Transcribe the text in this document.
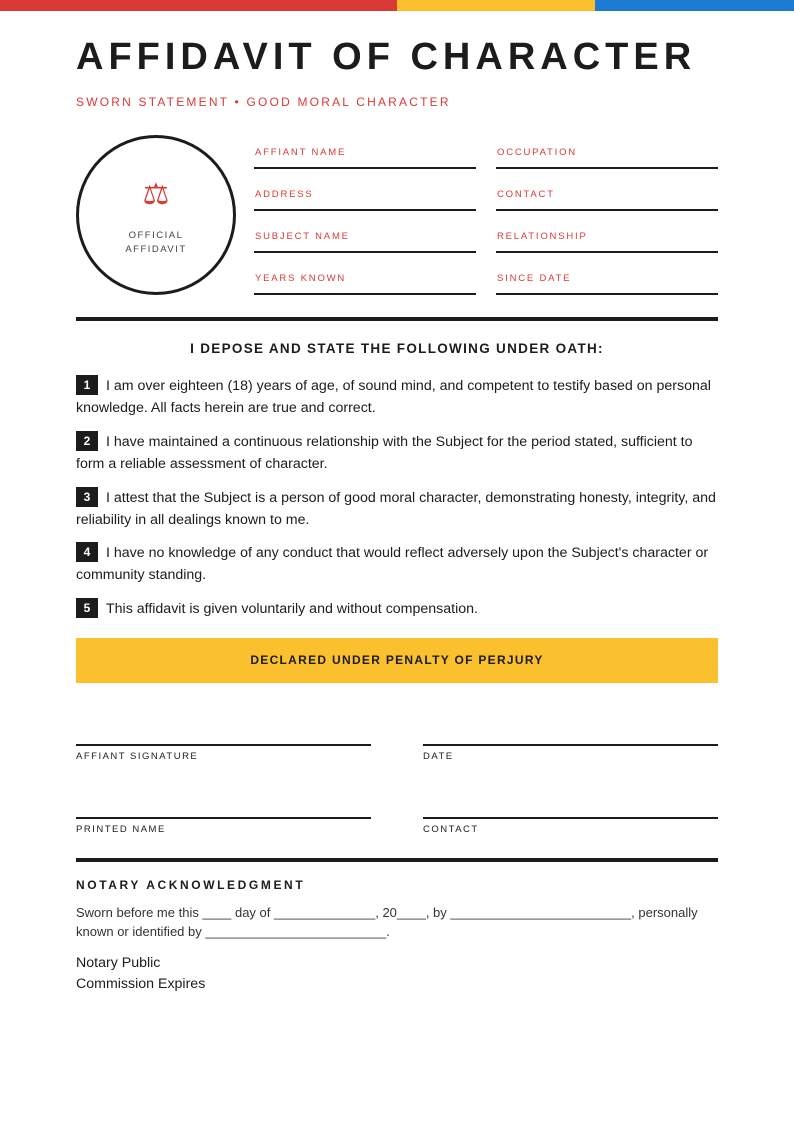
AFFIDAVIT OF CHARACTER
SWORN STATEMENT • GOOD MORAL CHARACTER
⚖
OFFICIAL
AFFIDAVIT
AFFIANT NAME	OCCUPATION
ADDRESS	CONTACT
SUBJECT NAME	RELATIONSHIP
YEARS KNOWN	SINCE DATE
I DEPOSE AND STATE THE FOLLOWING UNDER OATH:
1 I am over eighteen (18) years of age, of sound mind, and competent to testify based on personal knowledge. All facts herein are true and correct.
2 I have maintained a continuous relationship with the Subject for the period stated, sufficient to form a reliable assessment of character.
3 I attest that the Subject is a person of good moral character, demonstrating honesty, integrity, and reliability in all dealings known to me.
4 I have no knowledge of any conduct that would reflect adversely upon the Subject's character or community standing.
5 This affidavit is given voluntarily and without compensation.
DECLARED UNDER PENALTY OF PERJURY
AFFIANT SIGNATURE	DATE
PRINTED NAME	CONTACT
NOTARY ACKNOWLEDGMENT
Sworn before me this ____ day of ______________, 20____, by _________________________, personally known or identified by _________________________.
Notary Public
Commission Expires
